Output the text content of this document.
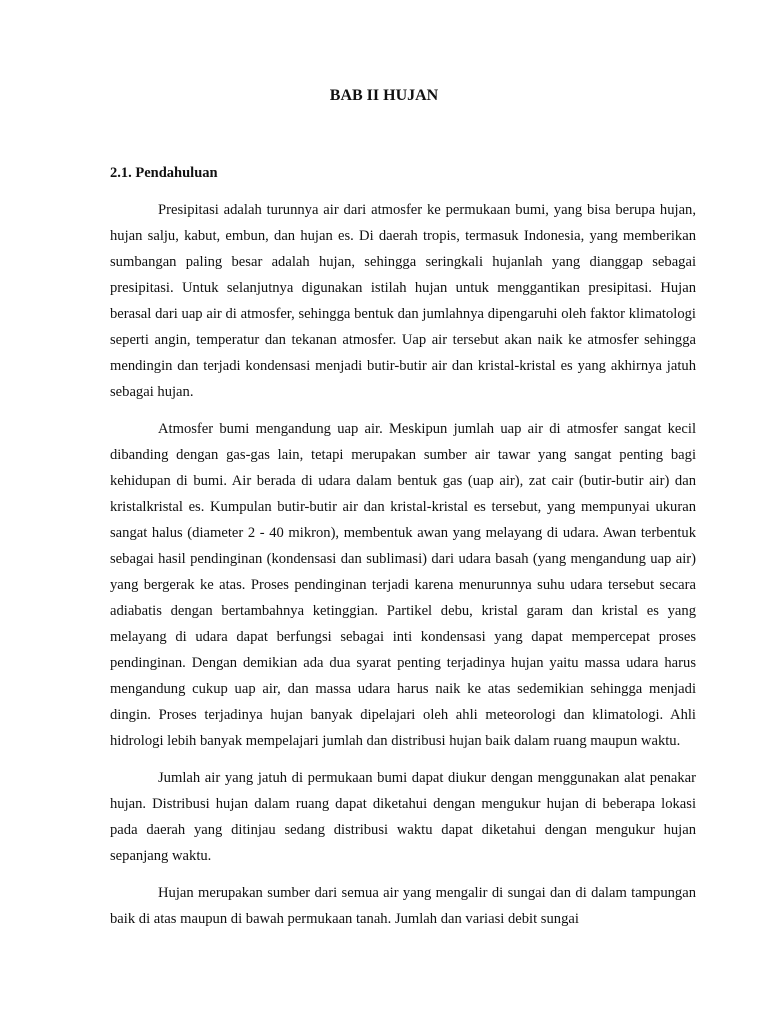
BAB II HUJAN
2.1. Pendahuluan

Presipitasi adalah turunnya air dari atmosfer ke permukaan bumi, yang bisa berupa hujan, hujan salju, kabut, embun, dan hujan es. Di daerah tropis, termasuk Indonesia, yang memberikan sumbangan paling besar adalah hujan, sehingga seringkali hujanlah yang dianggap sebagai presipitasi. Untuk selanjutnya digunakan istilah hujan untuk menggantikan presipitasi. Hujan berasal dari uap air di atmosfer, sehingga bentuk dan jumlahnya dipengaruhi oleh faktor klimatologi seperti angin, temperatur dan tekanan atmosfer. Uap air tersebut akan naik ke atmosfer sehingga mendingin dan terjadi kondensasi menjadi butir-butir air dan kristal-kristal es yang akhirnya jatuh sebagai hujan.

Atmosfer bumi mengandung uap air. Meskipun jumlah uap air di atmosfer sangat kecil dibanding dengan gas-gas lain, tetapi merupakan sumber air tawar yang sangat penting bagi kehidupan di bumi. Air berada di udara dalam bentuk gas (uap air), zat cair (butir-butir air) dan kristalkristal es. Kumpulan butir-butir air dan kristal-kristal es tersebut, yang mempunyai ukuran sangat halus (diameter 2 - 40 mikron), membentuk awan yang melayang di udara. Awan terbentuk sebagai hasil pendinginan (kondensasi dan sublimasi) dari udara basah (yang mengandung uap air) yang bergerak ke atas. Proses pendinginan terjadi karena menurunnya suhu udara tersebut secara adiabatis dengan bertambahnya ketinggian. Partikel debu, kristal garam dan kristal es yang melayang di udara dapat berfungsi sebagai inti kondensasi yang dapat mempercepat proses pendinginan. Dengan demikian ada dua syarat penting terjadinya hujan yaitu massa udara harus mengandung cukup uap air, dan massa udara harus naik ke atas sedemikian sehingga menjadi dingin. Proses terjadinya hujan banyak dipelajari oleh ahli meteorologi dan klimatologi. Ahli hidrologi lebih banyak mempelajari jumlah dan distribusi hujan baik dalam ruang maupun waktu.

Jumlah air yang jatuh di permukaan bumi dapat diukur dengan menggunakan alat penakar hujan. Distribusi hujan dalam ruang dapat diketahui dengan mengukur hujan di beberapa lokasi pada daerah yang ditinjau sedang distribusi waktu dapat diketahui dengan mengukur hujan sepanjang waktu.

Hujan merupakan sumber dari semua air yang mengalir di sungai dan di dalam tampungan baik di atas maupun di bawah permukaan tanah. Jumlah dan variasi debit sungai
